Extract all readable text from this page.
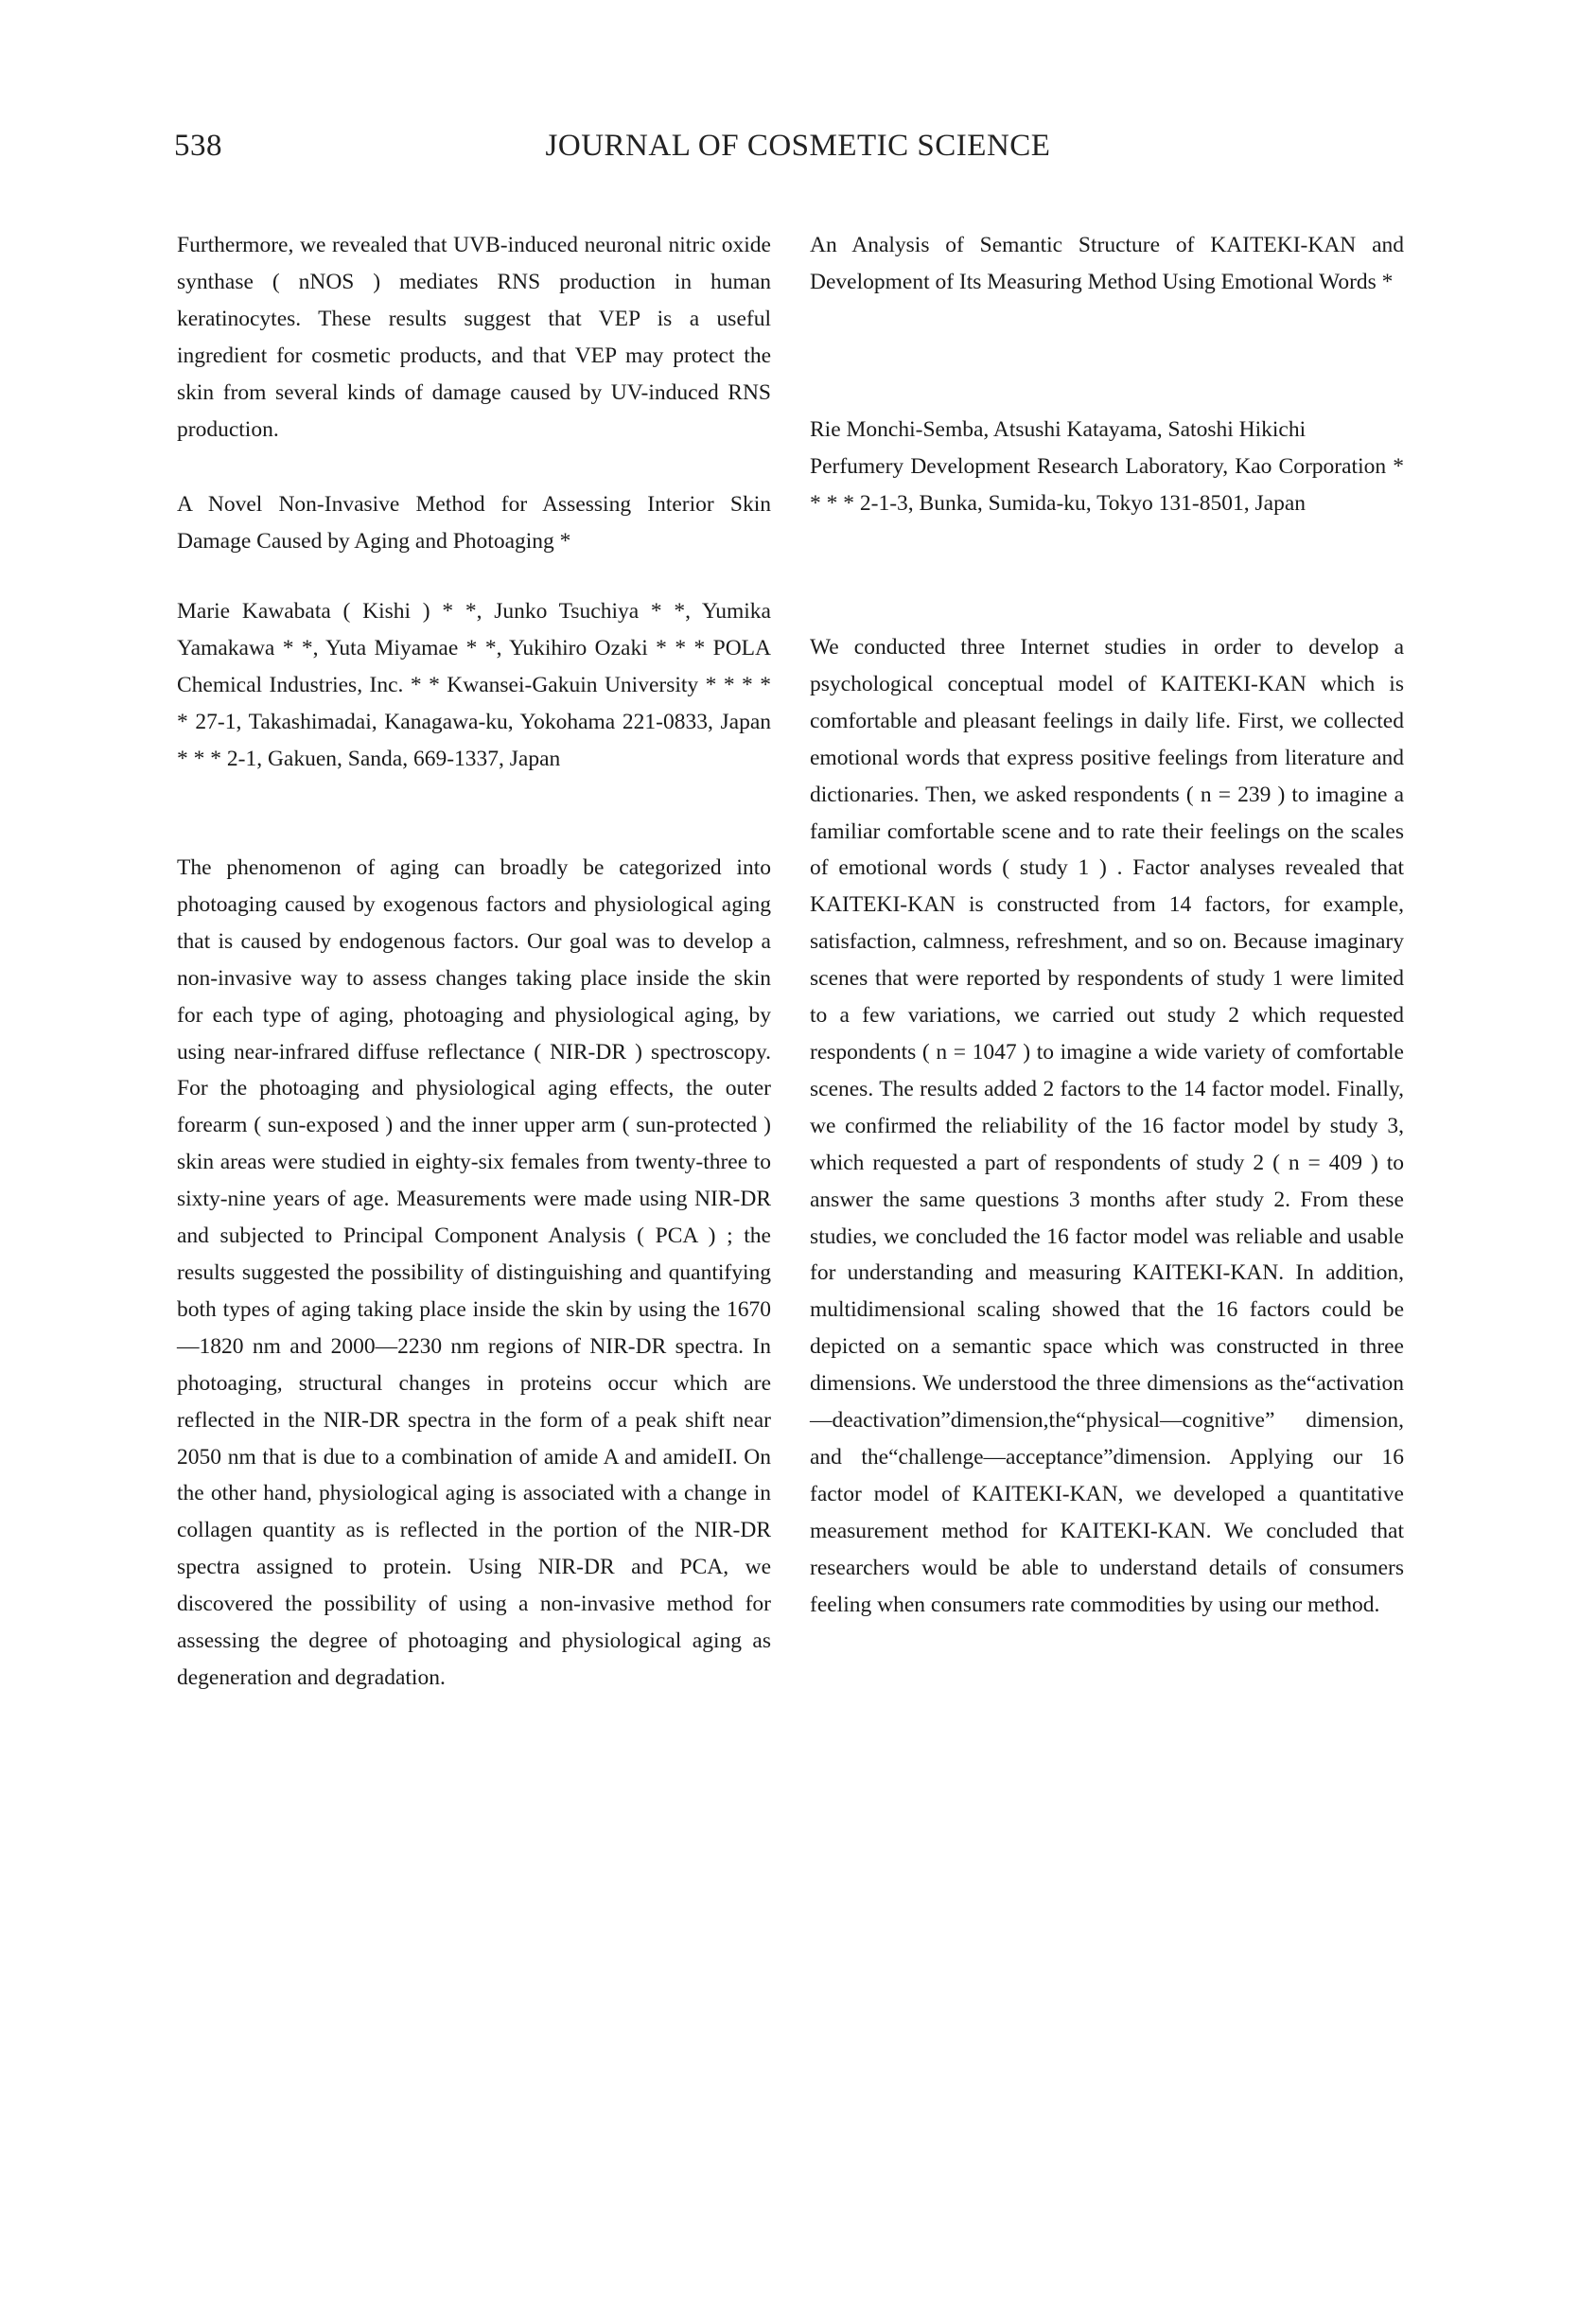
538	JOURNAL OF COSMETIC SCIENCE

Furthermore, we revealed that UVB-induced neuronal nitric oxide synthase ( nNOS ) mediates RNS production in human keratinocytes. These results suggest that VEP is a useful ingredient for cosmetic products, and that VEP may protect the skin from several kinds of damage caused by UV-induced RNS production.

A Novel Non-Invasive Method for Assessing Interior Skin Damage Caused by Aging and Photoaging *

Marie Kawabata ( Kishi ) * *, Junko Tsuchiya * *, Yumika Yamakawa * *, Yuta Miyamae * *, Yukihiro Ozaki * * * POLA Chemical Industries, Inc. * * Kwansei-Gakuin University * * * * * 27-1, Takashimadai, Kanagawa-ku, Yokohama 221-0833, Japan * * * 2-1, Gakuen, Sanda, 669-1337, Japan

The phenomenon of aging can broadly be categorized into photoaging caused by exogenous factors and physiological aging that is caused by endogenous factors. Our goal was to develop a non-invasive way to assess changes taking place inside the skin for each type of aging, photoaging and physiological aging, by using near-infrared diffuse reflectance ( NIR-DR ) spectroscopy. For the photoaging and physiological aging effects, the outer forearm ( sun-exposed ) and the inner upper arm ( sun-protected ) skin areas were studied in eighty-six females from twenty-three to sixty-nine years of age. Measurements were made using NIR-DR and subjected to Principal Component Analysis ( PCA ) ; the results suggested the possibility of distinguishing and quantifying both types of aging taking place inside the skin by using the 1670—1820 nm and 2000—2230 nm regions of NIR-DR spectra. In photoaging, structural changes in proteins occur which are reflected in the NIR-DR spectra in the form of a peak shift near 2050 nm that is due to a combination of amide A and amideII. On the other hand, physiological aging is associated with a change in collagen quantity as is reflected in the portion of the NIR-DR spectra assigned to protein. Using NIR-DR and PCA, we discovered the possibility of using a non-invasive method for assessing the degree of photoaging and physiological aging as degeneration and degradation.

An Analysis of Semantic Structure of KAITEKI-KAN and Development of Its Measuring Method Using Emotional Words *

Rie Monchi-Semba, Atsushi Katayama, Satoshi Hikichi

Perfumery Development Research Laboratory, Kao Corporation * * * * 2-1-3, Bunka, Sumida-ku, Tokyo 131-8501, Japan

We conducted three Internet studies in order to develop a psychological conceptual model of KAITEKI-KAN which is comfortable and pleasant feelings in daily life. First, we collected emotional words that express positive feelings from literature and dictionaries. Then, we asked respondents ( n = 239 ) to imagine a familiar comfortable scene and to rate their feelings on the scales of emotional words ( study 1 ) . Factor analyses revealed that KAITEKI-KAN is constructed from 14 factors, for example, satisfaction, calmness, refreshment, and so on. Because imaginary scenes that were reported by respondents of study 1 were limited to a few variations, we carried out study 2 which requested respondents ( n = 1047 ) to imagine a wide variety of comfortable scenes. The results added 2 factors to the 14 factor model. Finally, we confirmed the reliability of the 16 factor model by study 3, which requested a part of respondents of study 2 ( n = 409 ) to answer the same questions 3 months after study 2. From these studies, we concluded the 16 factor model was reliable and usable for understanding and measuring KAITEKI-KAN. In addition, multidimensional scaling showed that the 16 factors could be depicted on a semantic space which was constructed in three dimensions. We understood the three dimensions as the“activation—deactivation”dimension,the“physical—cognitive” dimension, and the“challenge—acceptance”dimension. Applying our 16 factor model of KAITEKI-KAN, we developed a quantitative measurement method for KAITEKI-KAN. We concluded that researchers would be able to understand details of consumers feeling when consumers rate commodities by using our method.
